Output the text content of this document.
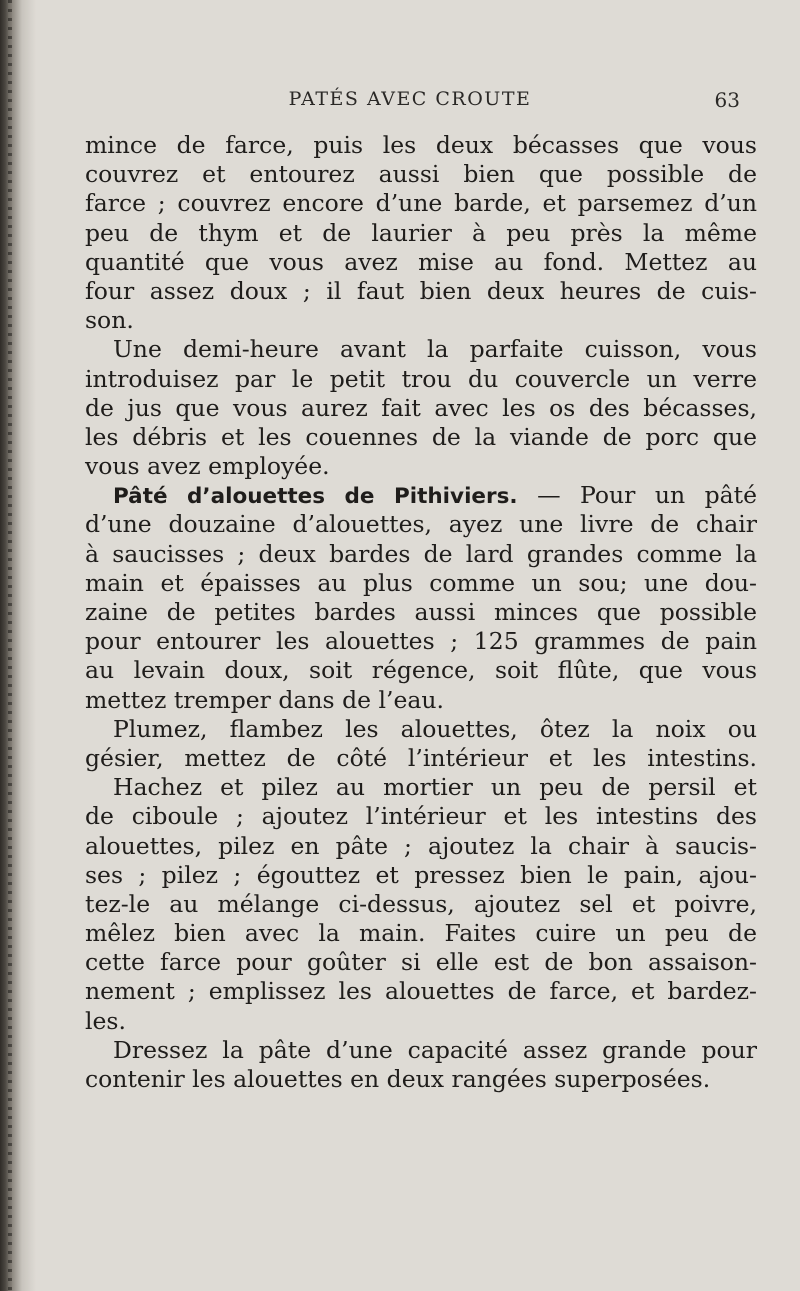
PATÉS AVEC CROUTE	63
mince de farce, puis les deux bécasses que vous
couvrez et entourez aussi bien que possible de
farce ; couvrez encore d’une barde, et parsemez d’un
peu de thym et de laurier à peu près la même
quantité que vous avez mise au fond. Mettez au
four assez doux ; il faut bien deux heures de cuis-
son.
Une demi-heure avant la parfaite cuisson, vous
introduisez par le petit trou du couvercle un verre
de jus que vous aurez fait avec les os des bécasses,
les débris et les couennes de la viande de porc que
vous avez employée.
Pâté d’alouettes de Pithiviers. — Pour un pâté
d’une douzaine d’alouettes, ayez une livre de chair
à saucisses ; deux bardes de lard grandes comme la
main et épaisses au plus comme un sou; une dou-
zaine de petites bardes aussi minces que possible
pour entourer les alouettes ; 125 grammes de pain
au levain doux, soit régence, soit flûte, que vous
mettez tremper dans de l’eau.
Plumez, flambez les alouettes, ôtez la noix ou
gésier, mettez de côté l’intérieur et les intestins.
Hachez et pilez au mortier un peu de persil et
de ciboule ; ajoutez l’intérieur et les intestins des
alouettes, pilez en pâte ; ajoutez la chair à saucis-
ses ; pilez ; égouttez et pressez bien le pain, ajou-
tez-le au mélange ci-dessus, ajoutez sel et poivre,
mêlez bien avec la main. Faites cuire un peu de
cette farce pour goûter si elle est de bon assaison-
nement ; emplissez les alouettes de farce, et bardez-
les.
Dressez la pâte d’une capacité assez grande pour
contenir les alouettes en deux rangées superposées.
